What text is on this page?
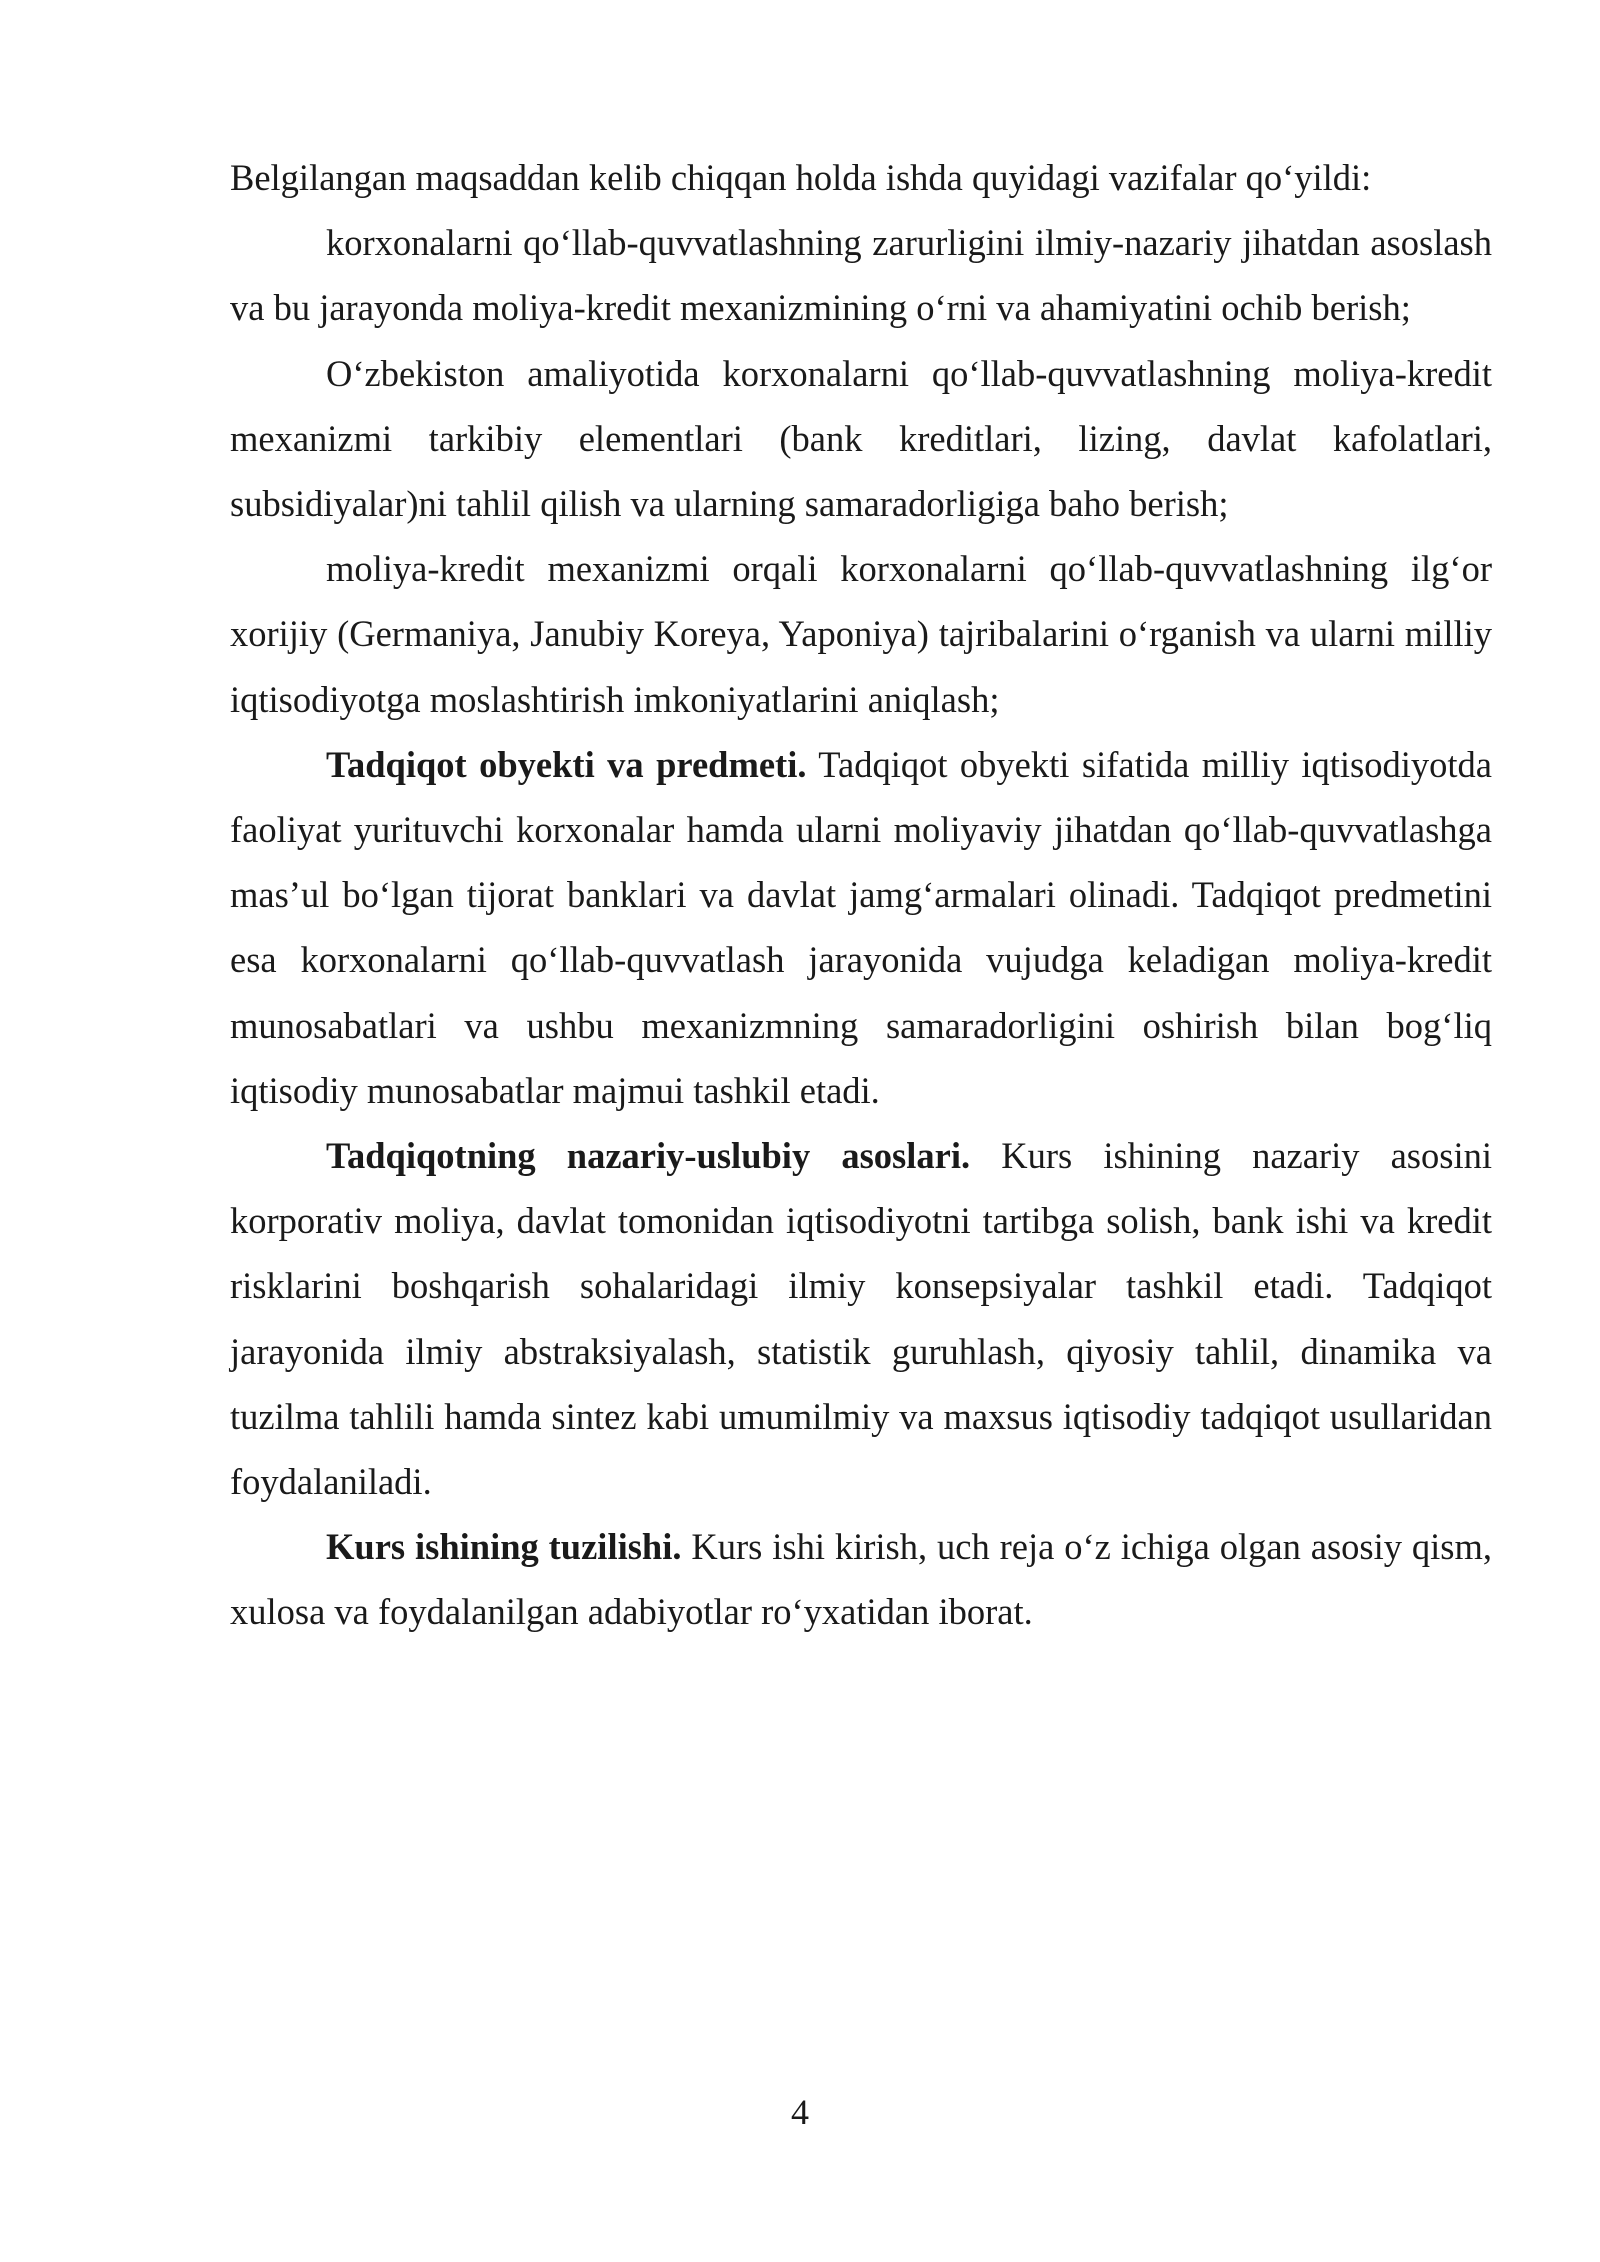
Belgilangan maqsaddan kelib chiqqan holda ishda quyidagi vazifalar qo‘yildi:

korxonalarni qo‘llab-quvvatlashning zarurligini ilmiy-nazariy jihatdan asoslash va bu jarayonda moliya-kredit mexanizmining o‘rni va ahamiyatini ochib berish;

O‘zbekiston amaliyotida korxonalarni qo‘llab-quvvatlashning moliya-kredit mexanizmi tarkibiy elementlari (bank kreditlari, lizing, davlat kafolatlari, subsidiyalar)ni tahlil qilish va ularning samaradorligiga baho berish;

moliya-kredit mexanizmi orqali korxonalarni qo‘llab-quvvatlashning ilg‘or xorijiy (Germaniya, Janubiy Koreya, Yaponiya) tajribalarini o‘rganish va ularni milliy iqtisodiyotga moslashtirish imkoniyatlarini aniqlash;

Tadqiqot obyekti va predmeti. Tadqiqot obyekti sifatida milliy iqtisodiyotda faoliyat yurituvchi korxonalar hamda ularni moliyaviy jihatdan qo‘llab-quvvatlashga mas’ul bo‘lgan tijorat banklari va davlat jamg‘armalari olinadi. Tadqiqot predmetini esa korxonalarni qo‘llab-quvvatlash jarayonida vujudga keladigan moliya-kredit munosabatlari va ushbu mexanizmning samaradorligini oshirish bilan bog‘liq iqtisodiy munosabatlar majmui tashkil etadi.

Tadqiqotning nazariy-uslubiy asoslari. Kurs ishining nazariy asosini korporativ moliya, davlat tomonidan iqtisodiyotni tartibga solish, bank ishi va kredit risklarini boshqarish sohalaridagi ilmiy konsepsiyalar tashkil etadi. Tadqiqot jarayonida ilmiy abstraksiyalash, statistik guruhlash, qiyosiy tahlil, dinamika va tuzilma tahlili hamda sintez kabi umumilmiy va maxsus iqtisodiy tadqiqot usullaridan foydalaniladi.

Kurs ishining tuzilishi. Kurs ishi kirish, uch reja o‘z ichiga olgan asosiy qism, xulosa va foydalanilgan adabiyotlar ro‘yxatidan iborat.

4
